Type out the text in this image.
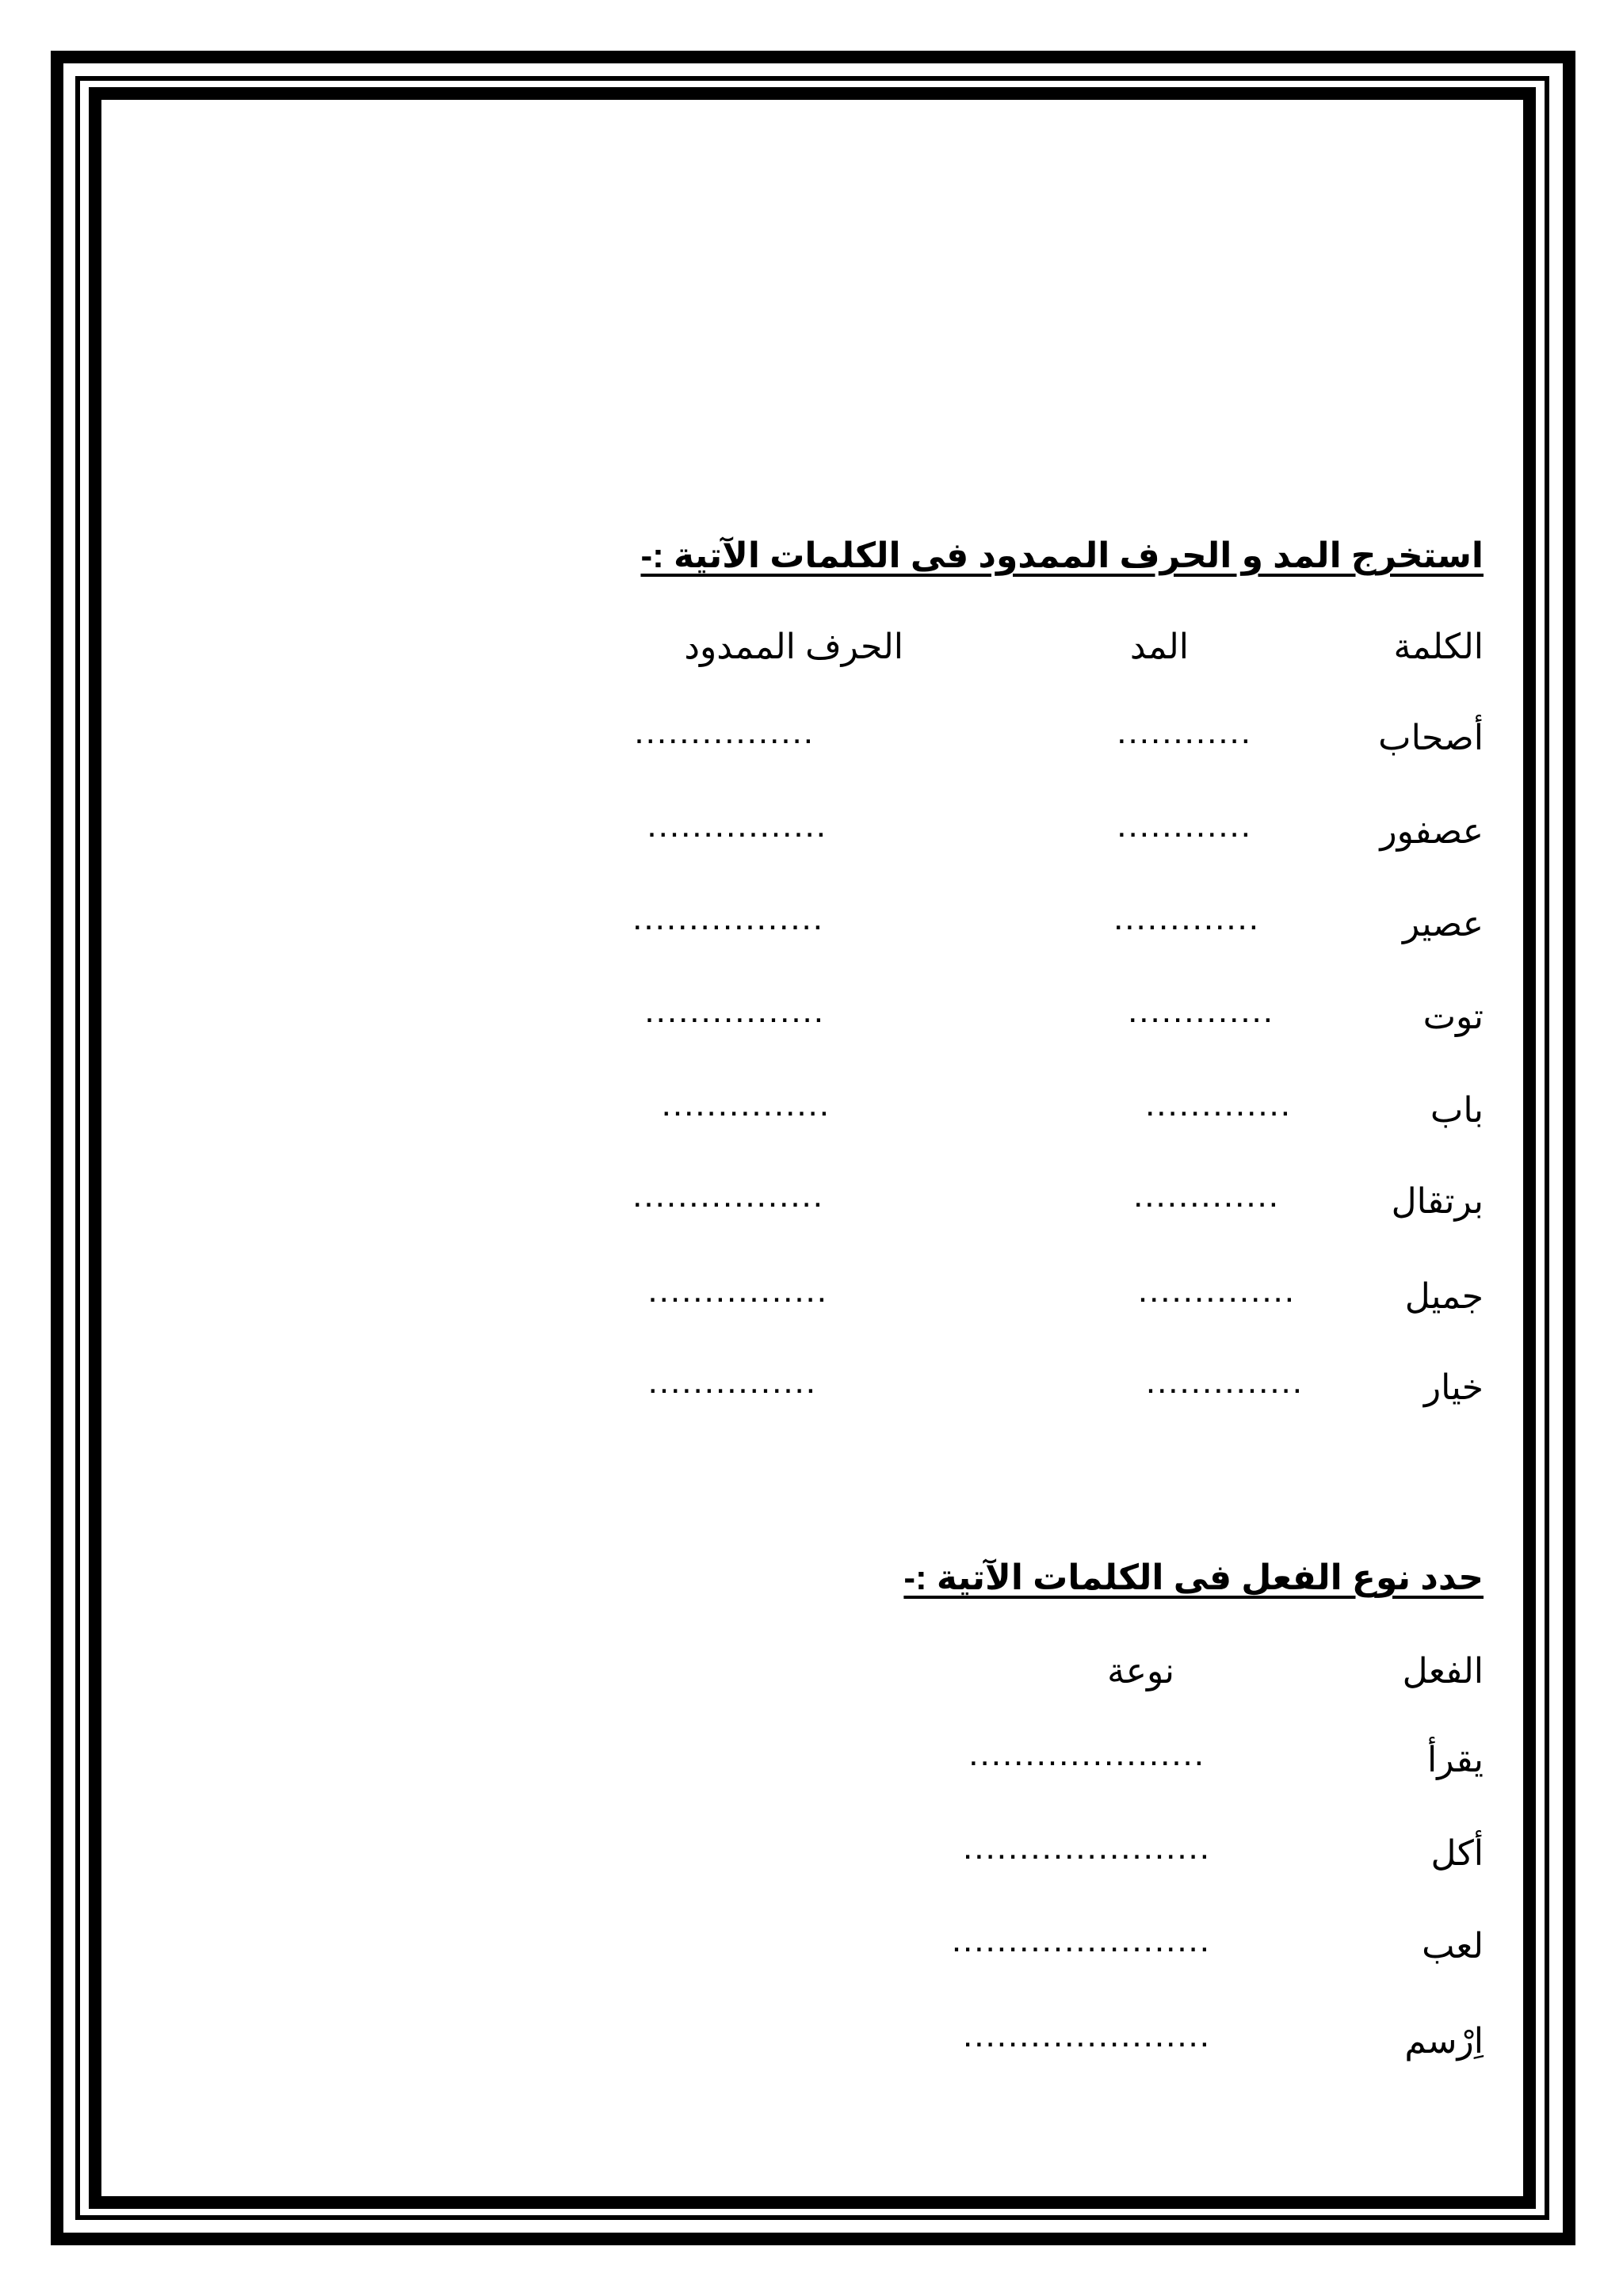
استخرج المد و الحرف الممدود فى الكلمات الآتية :-
الكلمة
المد
الحرف الممدود
أصحاب
............
................
عصفور
............
................
عصير
.............
.................
توت
.............
................
باب
.............
...............
برتقال
.............
.................
جميل
..............
................
خيار
..............
...............
حدد نوع الفعل فى الكلمات الآتية :-
الفعل
نوعة
يقرأ
.....................
أكل
......................
لعب
.......................
اِرْسم
......................
